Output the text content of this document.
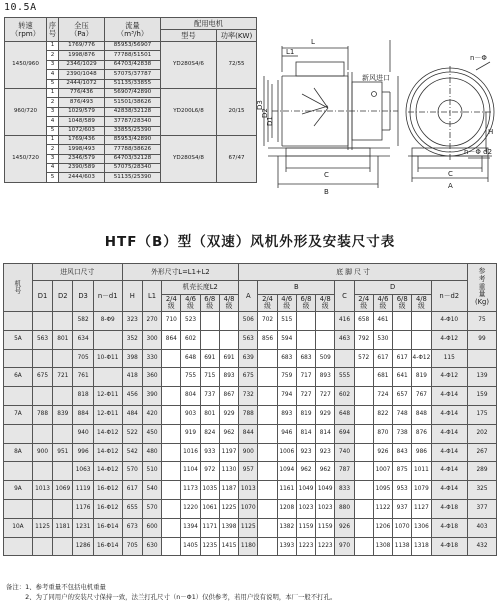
10.5A
转速
（rpm）	序
号	全压
（Pa）	流量
（m³/h）	配用电机	
				型号	功率(KW)
1450/960	1	1769/776	85953/56907	YD280S4/6	72/55
	2	1998/876	77788/51501		
	3	2346/1029	64703/42838		
	4	2390/1048	57075/37787		
	5	2444/1072	51135/33855		
960/720	1	776/436	56907/42890	YD200L6/8	20/15
	2	876/493	51501/38626		
	3	1029/579	42838/32128		
	4	1048/589	37787/28340		
	5	1072/603	33855/25390		
1450/720	1	1769/436	85953/42890	YD280S4/8	67/47
	2	1998/493	77788/38626		
	3	2346/579	64703/32128		
	4	2390/589	57075/28340		
	5	2444/603	51135/25390		
L
L1
D3
D2
D1
B
C	C
A
H
n－Φ
n－Φ d2
新风进口
HTF（B）型（双速）风机外形及安装尺寸表
机
号	进风口尺寸				外形尺寸L=L1+L2						底 脚 尺 寸											参
考
重
量
(Kg)
	D1	D2	D3	n－d1	H	L1	机壳长度L2				A	B				C	D				n－d2	
							2/4
级	4/6
级	6/8
级	4/8
级		2/4
级	4/6
级	6/8
级	4/8
级		2/4
级	4/6
级	6/8
级	4/8
级		
			582	8-Φ9	323	270	710	523			506	702	515			416	658	461			4-Φ10	75
5A	563	801	634		352	300	864	602			563	856	594			463	792	530			4-Φ12	99
			705	10-Φ11	398	330		648	691	691	639		683	683	509		572	617	617	4-Φ12	115	
6A	675	721	761		418	360		755	715	893	675		759	717	893	555		681	641	819	4-Φ12	139
			818	12-Φ11	456	390		804	737	867	732		794	727	727	602		724	657	767	4-Φ14	159
7A	788	839	884	12-Φ11	484	420		903	801	929	788		893	819	929	648		822	748	848	4-Φ14	175
			940	14-Φ12	522	450		919	824	962	844		946	814	814	694		870	738	876	4-Φ14	202
8A	900	951	996	14-Φ12	542	480		1016	933	1197	900		1006	923	923	740		926	843	986	4-Φ14	267
			1063	14-Φ12	570	510		1104	972	1130	957		1094	962	962	787		1007	875	1011	4-Φ14	289
9A	1013	1069	1119	16-Φ12	617	540		1173	1035	1187	1013		1161	1049	1049	833		1095	953	1079	4-Φ14	325
			1176	16-Φ12	655	570		1220	1061	1225	1070		1208	1023	1023	880		1122	937	1127	4-Φ18	377
10A	1125	1181	1231	16-Φ14	673	600		1394	1171	1398	1125		1382	1159	1159	926		1206	1070	1306	4-Φ18	403
			1286	16-Φ14	705	630		1405	1235	1415	1180		1393	1223	1223	970		1308	1138	1318	4-Φ18	432
备注：1、参考重量不包括电机重量
　　　2、为了同用户的安装尺寸保持一致，法兰打孔尺寸（n－Φ1）仅供参考，若用户没有说明，本厂一般不打孔。
